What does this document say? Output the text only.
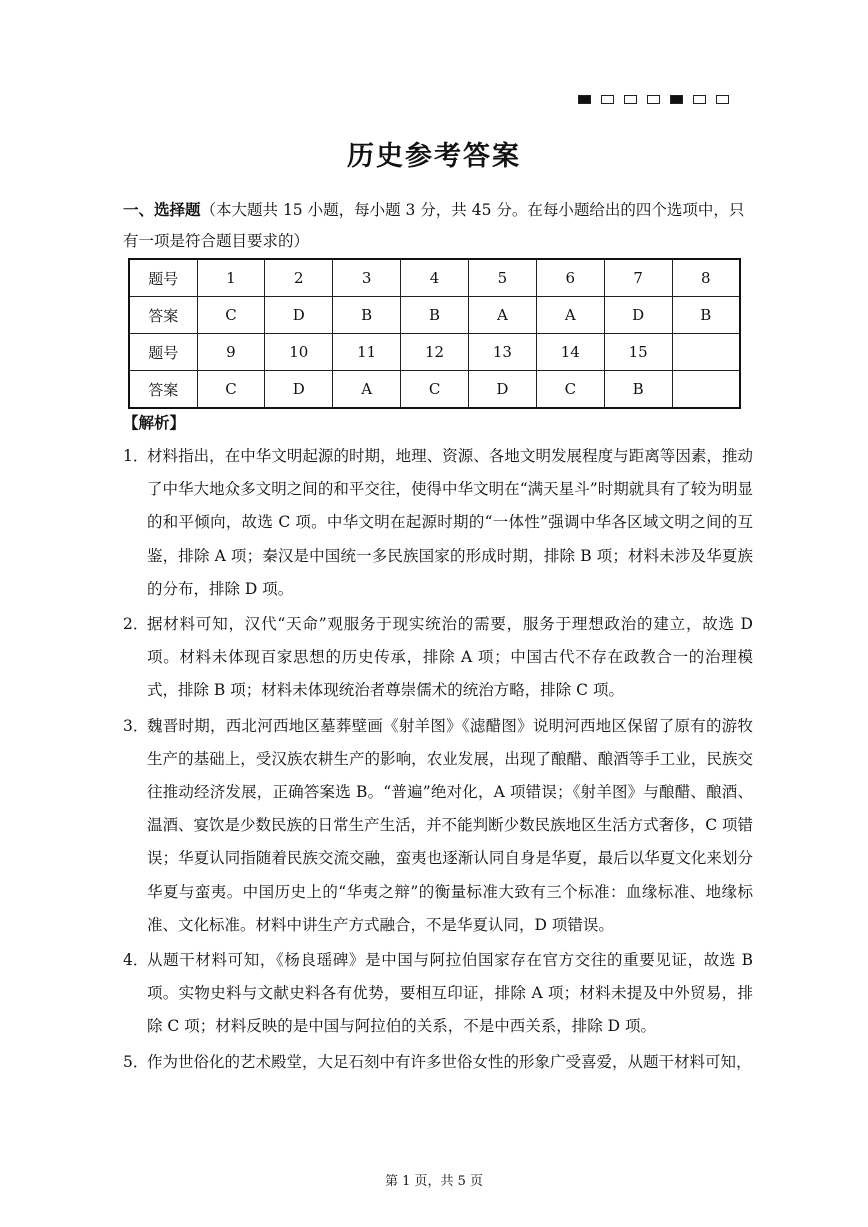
历史参考答案
一、选择题（本大题共 15 小题，每小题 3 分，共 45 分。在每小题给出的四个选项中，只有一项是符合题目要求的）
题号	1	2	3	4	5	6	7	8
答案	C	D	B	B	A	A	D	B
题号	9	10	11	12	13	14	15	
答案	C	D	A	C	D	C	B	
【解析】
1．
材料指出，在中华文明起源的时期，地理、资源、各地文明发展程度与距离等因素，推动了中华大地众多文明之间的和平交往，使得中华文明在“满天星斗”时期就具有了较为明显的和平倾向，故选 C 项。中华文明在起源时期的“一体性”强调中华各区域文明之间的互鉴，排除 A 项；秦汉是中国统一多民族国家的形成时期，排除 B 项；材料未涉及华夏族的分布，排除 D 项。
2．
据材料可知，汉代“天命”观服务于现实统治的需要，服务于理想政治的建立，故选 D 项。材料未体现百家思想的历史传承，排除 A 项；中国古代不存在政教合一的治理模式，排除 B 项；材料未体现统治者尊崇儒术的统治方略，排除 C 项。
3．
魏晋时期，西北河西地区墓葬壁画《射羊图》《滤醋图》说明河西地区保留了原有的游牧生产的基础上，受汉族农耕生产的影响，农业发展，出现了酿醋、酿酒等手工业，民族交往推动经济发展，正确答案选 B。“普遍”绝对化，A 项错误；《射羊图》与酿醋、酿酒、温酒、宴饮是少数民族的日常生产生活，并不能判断少数民族地区生活方式奢侈，C 项错误；华夏认同指随着民族交流交融，蛮夷也逐渐认同自身是华夏，最后以华夏文化来划分华夏与蛮夷。中国历史上的“华夷之辩”的衡量标准大致有三个标准：血缘标准、地缘标准、文化标准。材料中讲生产方式融合，不是华夏认同，D 项错误。
4．
从题干材料可知，《杨良瑶碑》是中国与阿拉伯国家存在官方交往的重要见证，故选 B 项。实物史料与文献史料各有优势，要相互印证，排除 A 项；材料未提及中外贸易，排除 C 项；材料反映的是中国与阿拉伯的关系，不是中西关系，排除 D 项。
5．
作为世俗化的艺术殿堂，大足石刻中有许多世俗女性的形象广受喜爱，从题干材料可知，
第 1 页，共 5 页
